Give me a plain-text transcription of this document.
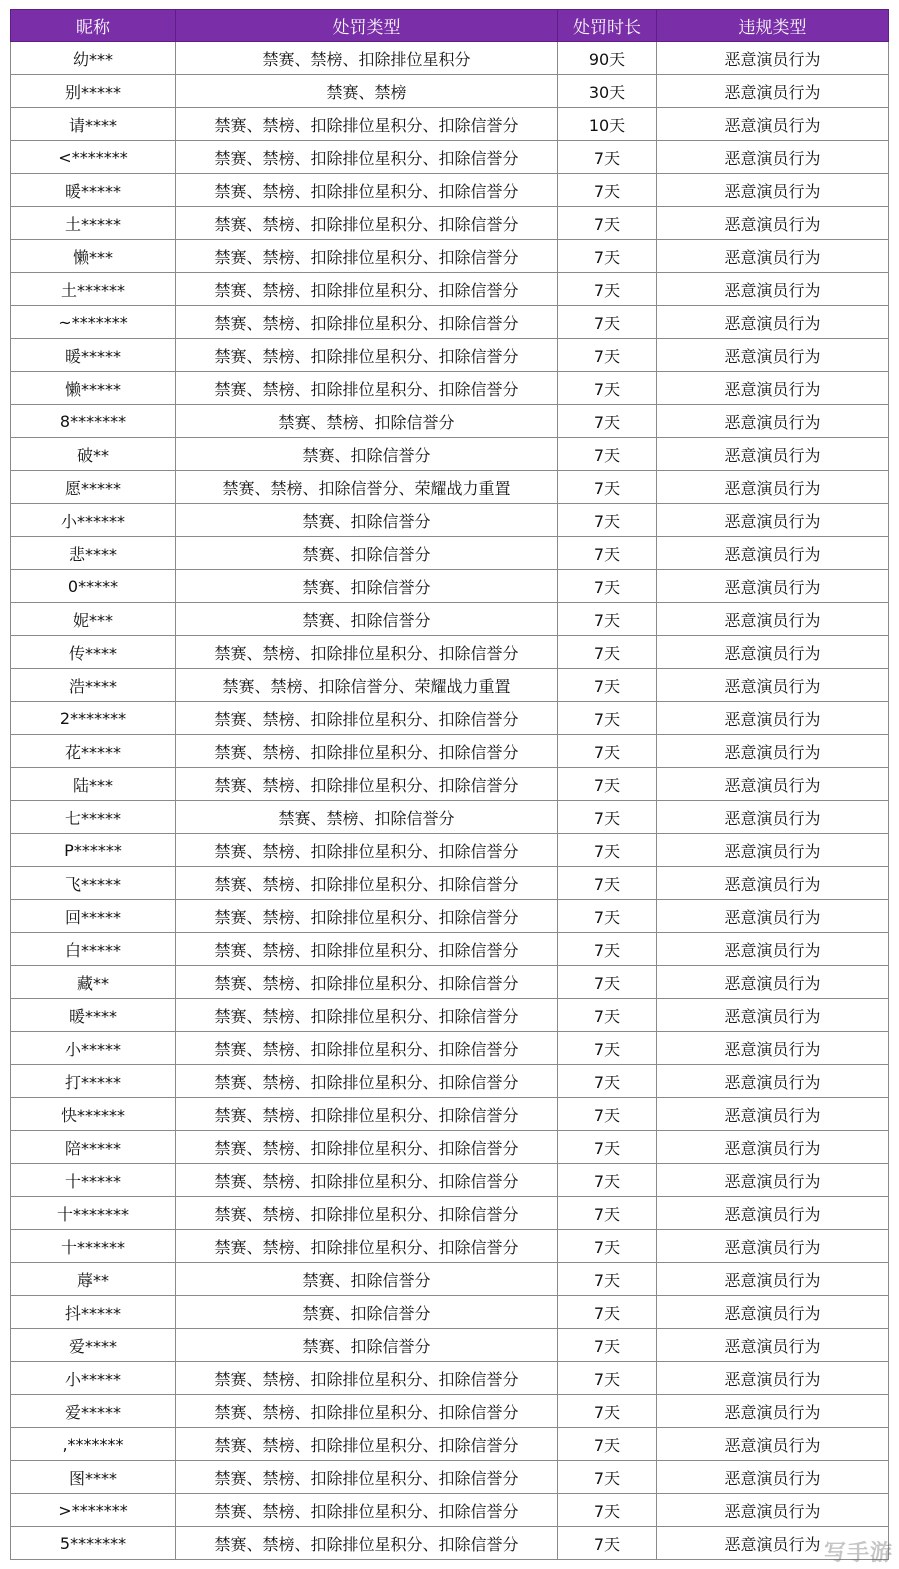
昵称	处罚类型	处罚时长	违规类型
幼***	禁赛、禁榜、扣除排位星积分	90天	恶意演员行为
别*****	禁赛、禁榜	30天	恶意演员行为
请****	禁赛、禁榜、扣除排位星积分、扣除信誉分	10天	恶意演员行为
<*******	禁赛、禁榜、扣除排位星积分、扣除信誉分	7天	恶意演员行为
暖*****	禁赛、禁榜、扣除排位星积分、扣除信誉分	7天	恶意演员行为
土*****	禁赛、禁榜、扣除排位星积分、扣除信誉分	7天	恶意演员行为
懒***	禁赛、禁榜、扣除排位星积分、扣除信誉分	7天	恶意演员行为
土******	禁赛、禁榜、扣除排位星积分、扣除信誉分	7天	恶意演员行为
~*******	禁赛、禁榜、扣除排位星积分、扣除信誉分	7天	恶意演员行为
暖*****	禁赛、禁榜、扣除排位星积分、扣除信誉分	7天	恶意演员行为
懒*****	禁赛、禁榜、扣除排位星积分、扣除信誉分	7天	恶意演员行为
8*******	禁赛、禁榜、扣除信誉分	7天	恶意演员行为
破**	禁赛、扣除信誉分	7天	恶意演员行为
愿*****	禁赛、禁榜、扣除信誉分、荣耀战力重置	7天	恶意演员行为
小******	禁赛、扣除信誉分	7天	恶意演员行为
悲****	禁赛、扣除信誉分	7天	恶意演员行为
0*****	禁赛、扣除信誉分	7天	恶意演员行为
妮***	禁赛、扣除信誉分	7天	恶意演员行为
传****	禁赛、禁榜、扣除排位星积分、扣除信誉分	7天	恶意演员行为
浩****	禁赛、禁榜、扣除信誉分、荣耀战力重置	7天	恶意演员行为
2*******	禁赛、禁榜、扣除排位星积分、扣除信誉分	7天	恶意演员行为
花*****	禁赛、禁榜、扣除排位星积分、扣除信誉分	7天	恶意演员行为
陆***	禁赛、禁榜、扣除排位星积分、扣除信誉分	7天	恶意演员行为
七*****	禁赛、禁榜、扣除信誉分	7天	恶意演员行为
P******	禁赛、禁榜、扣除排位星积分、扣除信誉分	7天	恶意演员行为
飞*****	禁赛、禁榜、扣除排位星积分、扣除信誉分	7天	恶意演员行为
回*****	禁赛、禁榜、扣除排位星积分、扣除信誉分	7天	恶意演员行为
白*****	禁赛、禁榜、扣除排位星积分、扣除信誉分	7天	恶意演员行为
藏**	禁赛、禁榜、扣除排位星积分、扣除信誉分	7天	恶意演员行为
暖****	禁赛、禁榜、扣除排位星积分、扣除信誉分	7天	恶意演员行为
小*****	禁赛、禁榜、扣除排位星积分、扣除信誉分	7天	恶意演员行为
打*****	禁赛、禁榜、扣除排位星积分、扣除信誉分	7天	恶意演员行为
快******	禁赛、禁榜、扣除排位星积分、扣除信誉分	7天	恶意演员行为
陪*****	禁赛、禁榜、扣除排位星积分、扣除信誉分	7天	恶意演员行为
十*****	禁赛、禁榜、扣除排位星积分、扣除信誉分	7天	恶意演员行为
十*******	禁赛、禁榜、扣除排位星积分、扣除信誉分	7天	恶意演员行为
十******	禁赛、禁榜、扣除排位星积分、扣除信誉分	7天	恶意演员行为
蓐**	禁赛、扣除信誉分	7天	恶意演员行为
抖*****	禁赛、扣除信誉分	7天	恶意演员行为
爱****	禁赛、扣除信誉分	7天	恶意演员行为
小*****	禁赛、禁榜、扣除排位星积分、扣除信誉分	7天	恶意演员行为
爱*****	禁赛、禁榜、扣除排位星积分、扣除信誉分	7天	恶意演员行为
,*******	禁赛、禁榜、扣除排位星积分、扣除信誉分	7天	恶意演员行为
图****	禁赛、禁榜、扣除排位星积分、扣除信誉分	7天	恶意演员行为
>*******	禁赛、禁榜、扣除排位星积分、扣除信誉分	7天	恶意演员行为
5*******	禁赛、禁榜、扣除排位星积分、扣除信誉分	7天	恶意演员行为 写手游
